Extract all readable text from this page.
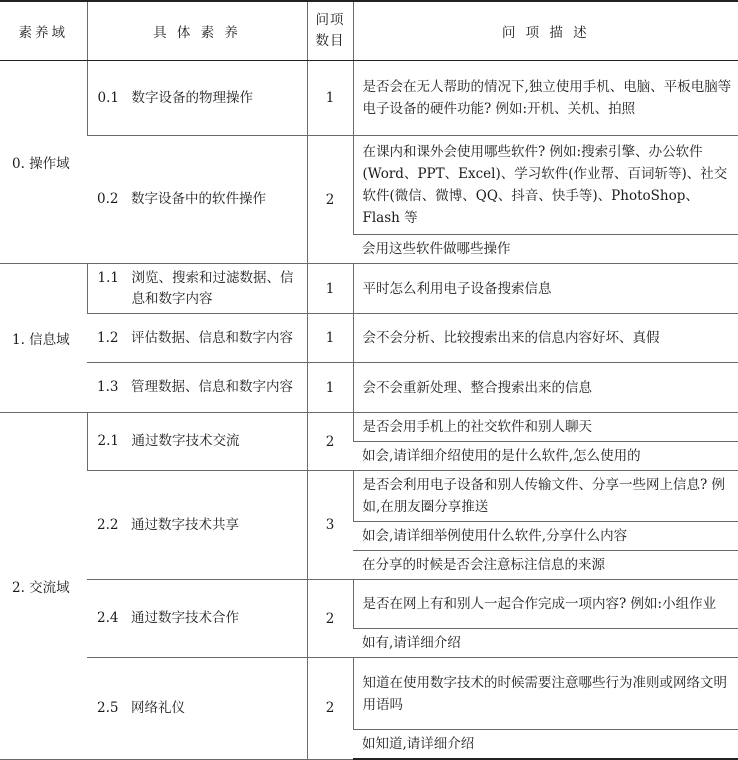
素养域	具 体 素 养	问项 数目	问 项 描 述
0. 操作域	0.1 数字设备的物理操作	1	是否会在无人帮助的情况下,独立使用手机、电脑、平板电脑等电子设备的硬件功能? 例如:开机、关机、拍照
	0.2 数字设备中的软件操作	2	在课内和课外会使用哪些软件? 例如:搜索引擎、办公软件(Word、PPT、Excel)、学习软件(作业帮、百词斩等)、社交软件(微信、微博、QQ、抖音、快手等)、PhotoShop、Flash 等
			会用这些软件做哪些操作
1. 信息域	1.1 浏览、搜索和过滤数据、信息和数字内容	1	平时怎么利用电子设备搜索信息

	1.2 评估数据、信息和数字内容	1	会不会分析、比较搜索出来的信息内容好坏、真假

	1.3 管理数据、信息和数字内容	1	会不会重新处理、整合搜索出来的信息
2. 交流域	2.1 通过数字技术交流	2	是否会用手机上的社交软件和别人聊天
			如会,请详细介绍使用的是什么软件,怎么使用的
	2.2 通过数字技术共享	3	是否会利用电子设备和别人传输文件、分享一些网上信息? 例如,在朋友圈分享推送
			如会,请详细举例使用什么软件,分享什么内容
			在分享的时候是否会注意标注信息的来源
	2.4 通过数字技术合作	2	是否在网上有和别人一起合作完成一项内容? 例如:小组作业
			如有,请详细介绍
	2.5 网络礼仪	2	知道在使用数字技术的时候需要注意哪些行为准则或网络文明用语吗
			如知道,请详细介绍
